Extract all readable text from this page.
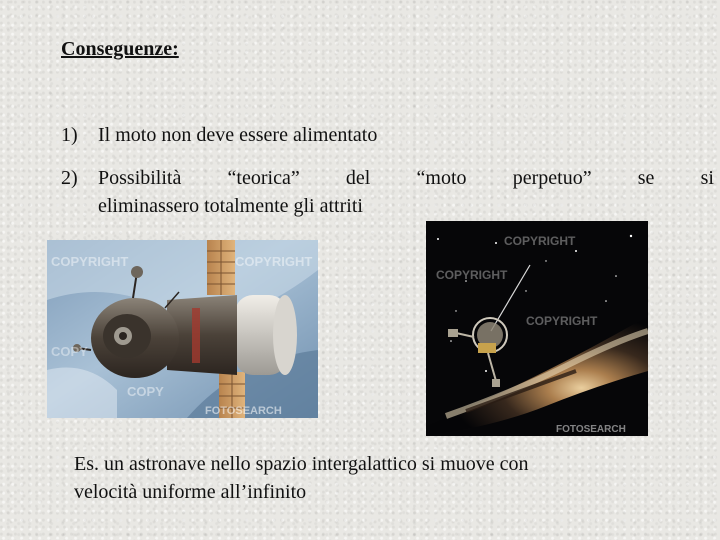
Conseguenze:
1) Il moto non deve essere alimentato
2) Possibilità “teorica” del “moto perpetuo” se si
eliminassero totalmente gli attriti
COPYRIGHT	COPYRIGHT
COPY
COPY
FOTOSEARCH
COPYRIGHT
COPYRIGHT
COPYRIGHT
FOTOSEARCH
Es. un astronave nello spazio intergalattico si muove con
velocità uniforme all’infinito
